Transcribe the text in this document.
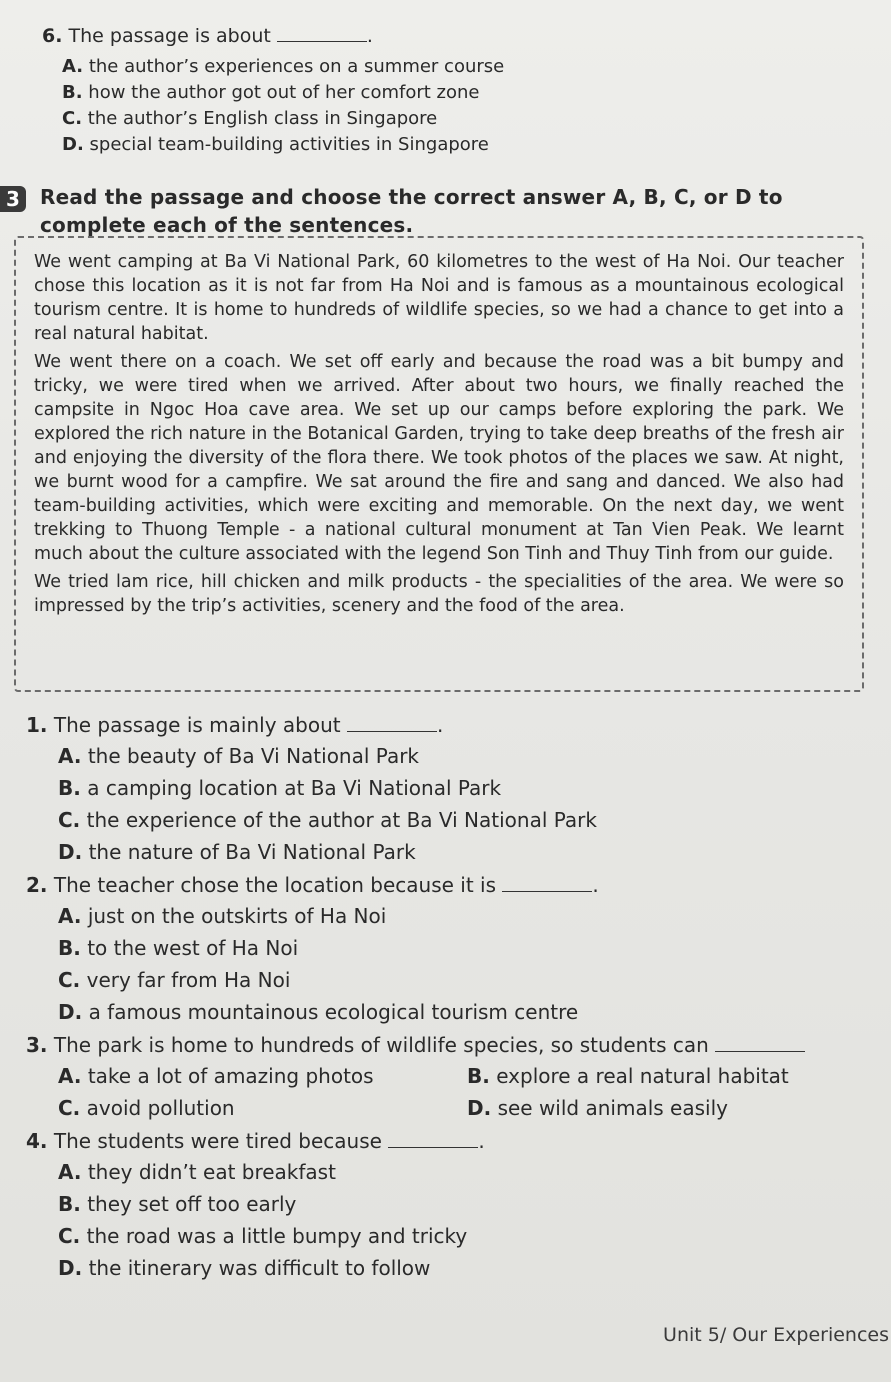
6. The passage is about	.
A. the author’s experiences on a summer course
B. how the author got out of her comfort zone
C. the author’s English class in Singapore
D. special team-building activities in Singapore
3	Read the passage and choose the correct answer A, B, C, or D to complete each of the sentences.

We went camping at Ba Vi National Park, 60 kilometres to the west of Ha Noi. Our teacher chose this location as it is not far from Ha Noi and is famous as a mountainous ecological tourism centre. It is home to hundreds of wildlife species, so we had a chance to get into a real natural habitat.

We went there on a coach. We set off early and because the road was a bit bumpy and tricky, we were tired when we arrived. After about two hours, we finally reached the campsite in Ngoc Hoa cave area. We set up our camps before exploring the park. We explored the rich nature in the Botanical Garden, trying to take deep breaths of the fresh air and enjoying the diversity of the flora there. We took photos of the places we saw. At night, we burnt wood for a campfire. We sat around the fire and sang and danced. We also had team-building activities, which were exciting and memorable. On the next day, we went trekking to Thuong Temple - a national cultural monument at Tan Vien Peak. We learnt much about the culture associated with the legend Son Tinh and Thuy Tinh from our guide.

We tried lam rice, hill chicken and milk products - the specialities of the area. We were so impressed by the trip’s activities, scenery and the food of the area.

1. The passage is mainly about	.
A. the beauty of Ba Vi National Park
B. a camping location at Ba Vi National Park
C. the experience of the author at Ba Vi National Park
D. the nature of Ba Vi National Park
2. The teacher chose the location because it is	.
A. just on the outskirts of Ha Noi
B. to the west of Ha Noi
C. very far from Ha Noi
D. a famous mountainous ecological tourism centre
3. The park is home to hundreds of wildlife species, so students can
A. take a lot of amazing photos	B. explore a real natural habitat
C. avoid pollution	D. see wild animals easily
4. The students were tired because	.
A. they didn’t eat breakfast
B. they set off too early
C. the road was a little bumpy and tricky
D. the itinerary was difficult to follow
Unit 5/ Our Experiences
